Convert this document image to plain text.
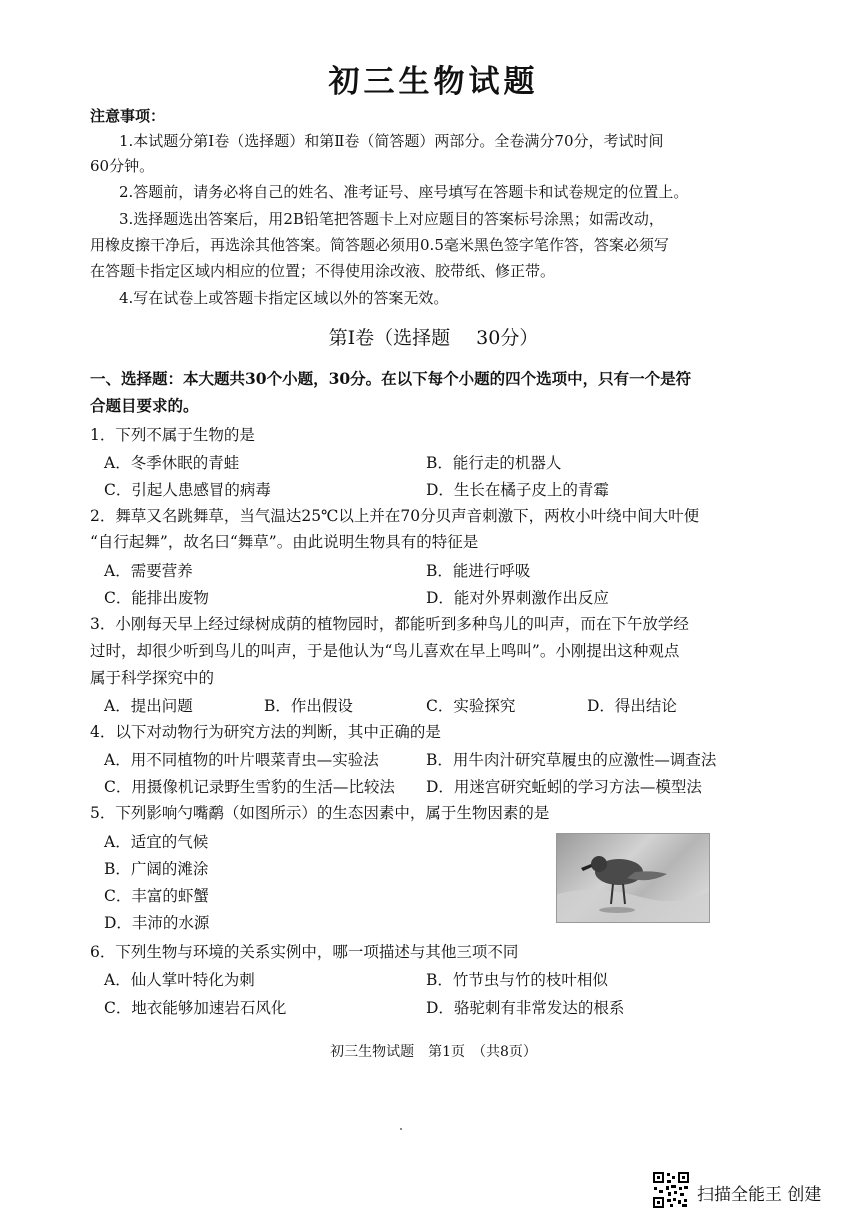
初三生物试题
注意事项：
1.本试题分第Ⅰ卷（选择题）和第Ⅱ卷（简答题）两部分。全卷满分70分，考试时间
60分钟。
2.答题前，请务必将自己的姓名、准考证号、座号填写在答题卡和试卷规定的位置上。
3.选择题选出答案后，用2B铅笔把答题卡上对应题目的答案标号涂黑；如需改动，
用橡皮擦干净后，再选涂其他答案。简答题必须用0.5毫米黑色签字笔作答，答案必须写
在答题卡指定区域内相应的位置；不得使用涂改液、胶带纸、修正带。
4.写在试卷上或答题卡指定区域以外的答案无效。
第Ⅰ卷（选择题 30分）
一、选择题：本大题共30个小题，30分。在以下每个小题的四个选项中，只有一个是符
合题目要求的。
1．下列不属于生物的是
A．冬季休眠的青蛙	B．能行走的机器人
C．引起人患感冒的病毒	D．生长在橘子皮上的青霉
2．舞草又名跳舞草，当气温达25℃以上并在70分贝声音刺激下，两枚小叶绕中间大叶便
“自行起舞”，故名曰“舞草”。由此说明生物具有的特征是
A．需要营养	B．能进行呼吸
C．能排出废物	D．能对外界刺激作出反应
3．小刚每天早上经过绿树成荫的植物园时，都能听到多种鸟儿的叫声，而在下午放学经
过时，却很少听到鸟儿的叫声，于是他认为“鸟儿喜欢在早上鸣叫”。小刚提出这种观点
属于科学探究中的
A．提出问题	B．作出假设	C．实验探究	D．得出结论
4．以下对动物行为研究方法的判断，其中正确的是
A．用不同植物的叶片喂菜青虫—实验法	B．用牛肉汁研究草履虫的应激性—调查法
C．用摄像机记录野生雪豹的生活—比较法 D．用迷宫研究蚯蚓的学习方法—模型法
5．下列影响勺嘴鹬（如图所示）的生态因素中，属于生物因素的是
A．适宜的气候
B．广阔的滩涂
C．丰富的虾蟹
D．丰沛的水源
6．下列生物与环境的关系实例中，哪一项描述与其他三项不同
A．仙人掌叶特化为刺	B．竹节虫与竹的枝叶相似
C．地衣能够加速岩石风化	D．骆驼刺有非常发达的根系
初三生物试题　第1页　（共8页）
扫描全能王 创建
